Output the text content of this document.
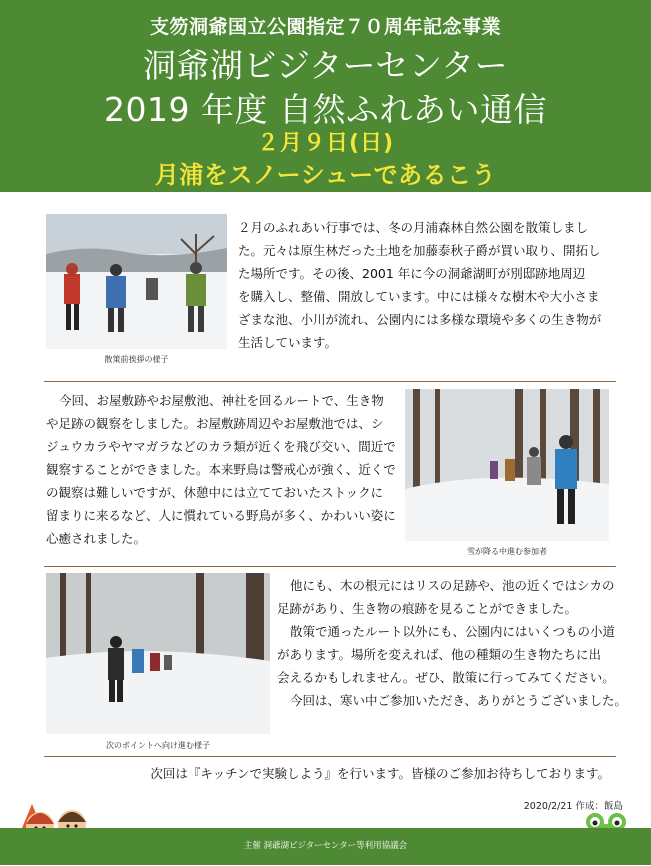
支笏洞爺国立公園指定７０周年記念事業
洞爺湖ビジターセンター
2019 年度 自然ふれあい通信
２月９日(日)
月浦をスノーシューであるこう
散策前挨拶の様子

２月のふれあい行事では、冬の月浦森林自然公園を散策しまし

た。元々は原生林だった土地を加藤泰秋子爵が買い取り、開拓し

た場所です。その後、2001 年に今の洞爺湖町が別邸跡地周辺

を購入し、整備、開放しています。中には様々な樹木や大小さま

ざまな池、小川が流れ、公園内には多様な環境や多くの生き物が

生活しています。

今回、お屋敷跡やお屋敷池、神社を回るルートで、生き物

や足跡の観察をしました。お屋敷跡周辺やお屋敷池では、シ

ジュウカラやヤマガラなどのカラ類が近くを飛び交い、間近で

観察することができました。本来野鳥は警戒心が強く、近くで

の観察は難しいですが、休憩中には立てておいたストックに

留まりに来るなど、人に慣れている野鳥が多く、かわいい姿に

心癒されました。

雪が降る中進む参加者
次のポイントへ向け進む様子

他にも、木の根元にはリスの足跡や、池の近くではシカの

足跡があり、生き物の痕跡を見ることができました。

散策で通ったルート以外にも、公園内にはいくつもの小道

があります。場所を変えれば、他の種類の生き物たちに出

会えるかもしれません。ぜひ、散策に行ってみてください。

今回は、寒い中ご参加いただき、ありがとうございました。

次回は『キッチンで実験しよう』を行います。皆様のご参加お待ちしております。
2020/2/21 作成：飯島
主催 洞爺湖ビジターセンター等利用協議会
